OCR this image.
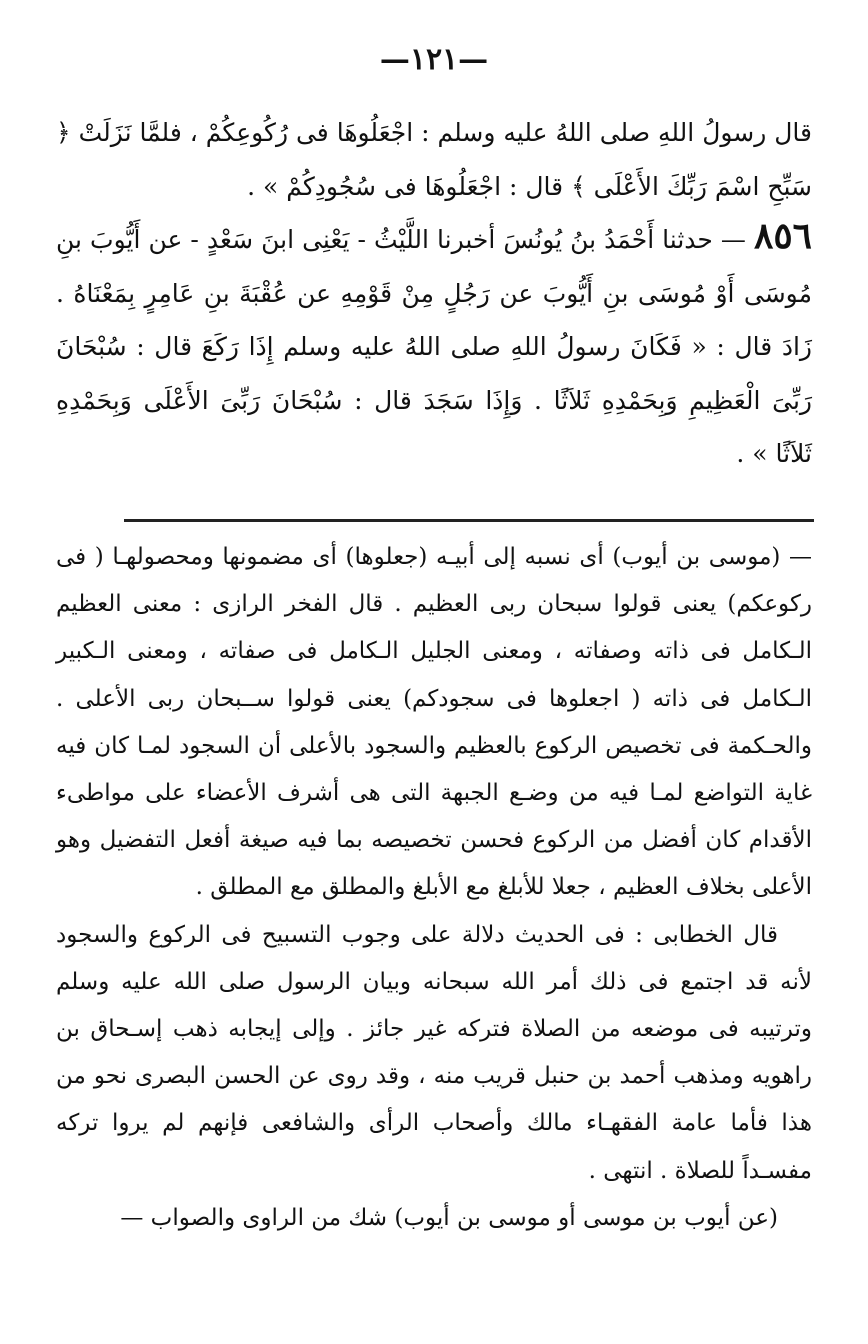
—١٢١—

قال رسولُ اللهِ صلى اللهُ عليه وسلم : اجْعَلُوهَا فى رُكُوعِكُمْ ، فلمَّا نَزَلَتْ ﴿ سَبِّحِ اسْمَ رَبِّكَ الأَعْلَى ﴾ قال : اجْعَلُوهَا فى سُجُودِكُمْ » .

٨٥٦ — حدثنا أَحْمَدُ بنُ يُونُسَ أخبرنا اللَّيْثُ - يَعْنِى ابنَ سَعْدٍ - عن أَيُّوبَ بنِ مُوسَى أَوْ مُوسَى بنِ أَيُّوبَ عن رَجُلٍ مِنْ قَوْمِهِ عن عُقْبَةَ بنِ عَامِرٍ بِمَعْنَاهُ . زَادَ قال : « فَكَانَ رسولُ اللهِ صلى اللهُ عليه وسلم إِذَا رَكَعَ قال : سُبْحَانَ رَبِّىَ الْعَظِيمِ وَبِحَمْدِهِ ثَلاَثًا . وَإِذَا سَجَدَ قال : سُبْحَانَ رَبِّىَ الأَعْلَى وَبِحَمْدِهِ ثَلاَثًا » .

— (موسى بن أيوب) أى نسبه إلى أبيـه (جعلوها) أى مضمونها ومحصولهـا ( فى ركوعكم) يعنى قولوا سبحان ربى العظيم . قال الفخر الرازى : معنى العظيم الـكامل فى ذاته وصفاته ، ومعنى الجليل الـكامل فى صفاته ، ومعنى الـكبير الـكامل فى ذاته ( اجعلوها فى سجودكم) يعنى قولوا ســبحان ربى الأعلى . والحـكمة فى تخصيص الركوع بالعظيم والسجود بالأعلى أن السجود لمـا كان فيه غاية التواضع لمـا فيه من وضـع الجبهة التى هى أشرف الأعضاء على مواطىء الأقدام كان أفضل من الركوع فحسن تخصيصه بما فيه صيغة أفعل التفضيل وهو الأعلى بخلاف العظيم ، جعلا للأبلغ مع الأبلغ والمطلق مع المطلق .

قال الخطابى : فى الحديث دلالة على وجوب التسبيح فى الركوع والسجود لأنه قد اجتمع فى ذلك أمر الله سبحانه وبيان الرسول صلى الله عليه وسلم وترتيبه فى موضعه من الصلاة فتركه غير جائز . وإلى إيجابه ذهب إسـحاق بن راهويه ومذهب أحمد بن حنبل قريب منه ، وقد روى عن الحسن البصرى نحو من هذا فأما عامة الفقهـاء مالك وأصحاب الرأى والشافعى فإنهم لم يروا تركه مفسـداً للصلاة . انتهى .

(عن أيوب بن موسى أو موسى بن أيوب) شك من الراوى والصواب —
